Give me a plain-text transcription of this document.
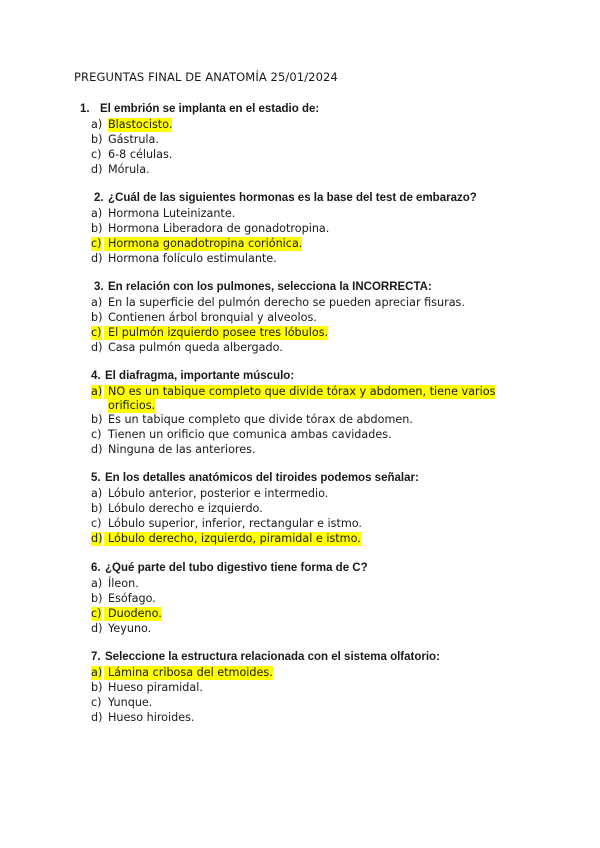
PREGUNTAS FINAL DE ANATOMÍA 25/01/2024
1. El embrión se implanta en el estadio de:
a) Blastocisto.
b) Gástrula.
c) 6-8 células.
d) Mórula.
2. ¿Cuál de las siguientes hormonas es la base del test de embarazo?
a) Hormona Luteinizante.
b) Hormona Liberadora de gonadotropina.
c) Hormona gonadotropina coriónica.
d) Hormona folículo estimulante.
3. En relación con los pulmones, selecciona la INCORRECTA:
a) En la superficie del pulmón derecho se pueden apreciar fisuras.
b) Contienen árbol bronquial y alveolos.
c) El pulmón izquierdo posee tres lóbulos.
d) Casa pulmón queda albergado.
4. El diafragma, importante músculo:
a) NO es un tabique completo que divide tórax y abdomen, tiene varios
orificios.
b) Es un tabique completo que divide tórax de abdomen.
c) Tienen un orificio que comunica ambas cavidades.
d) Ninguna de las anteriores.
5. En los detalles anatómicos del tiroides podemos señalar:
a) Lóbulo anterior, posterior e intermedio.
b) Lóbulo derecho e izquierdo.
c) Lóbulo superior, inferior, rectangular e istmo.
d) Lóbulo derecho, izquierdo, piramidal e istmo.
6. ¿Qué parte del tubo digestivo tiene forma de C?
a) Íleon.
b) Esófago.
c) Duodeno.
d) Yeyuno.
7. Seleccione la estructura relacionada con el sistema olfatorio:
a) Lámina cribosa del etmoides.
b) Hueso piramidal.
c) Yunque.
d) Hueso hiroides.
